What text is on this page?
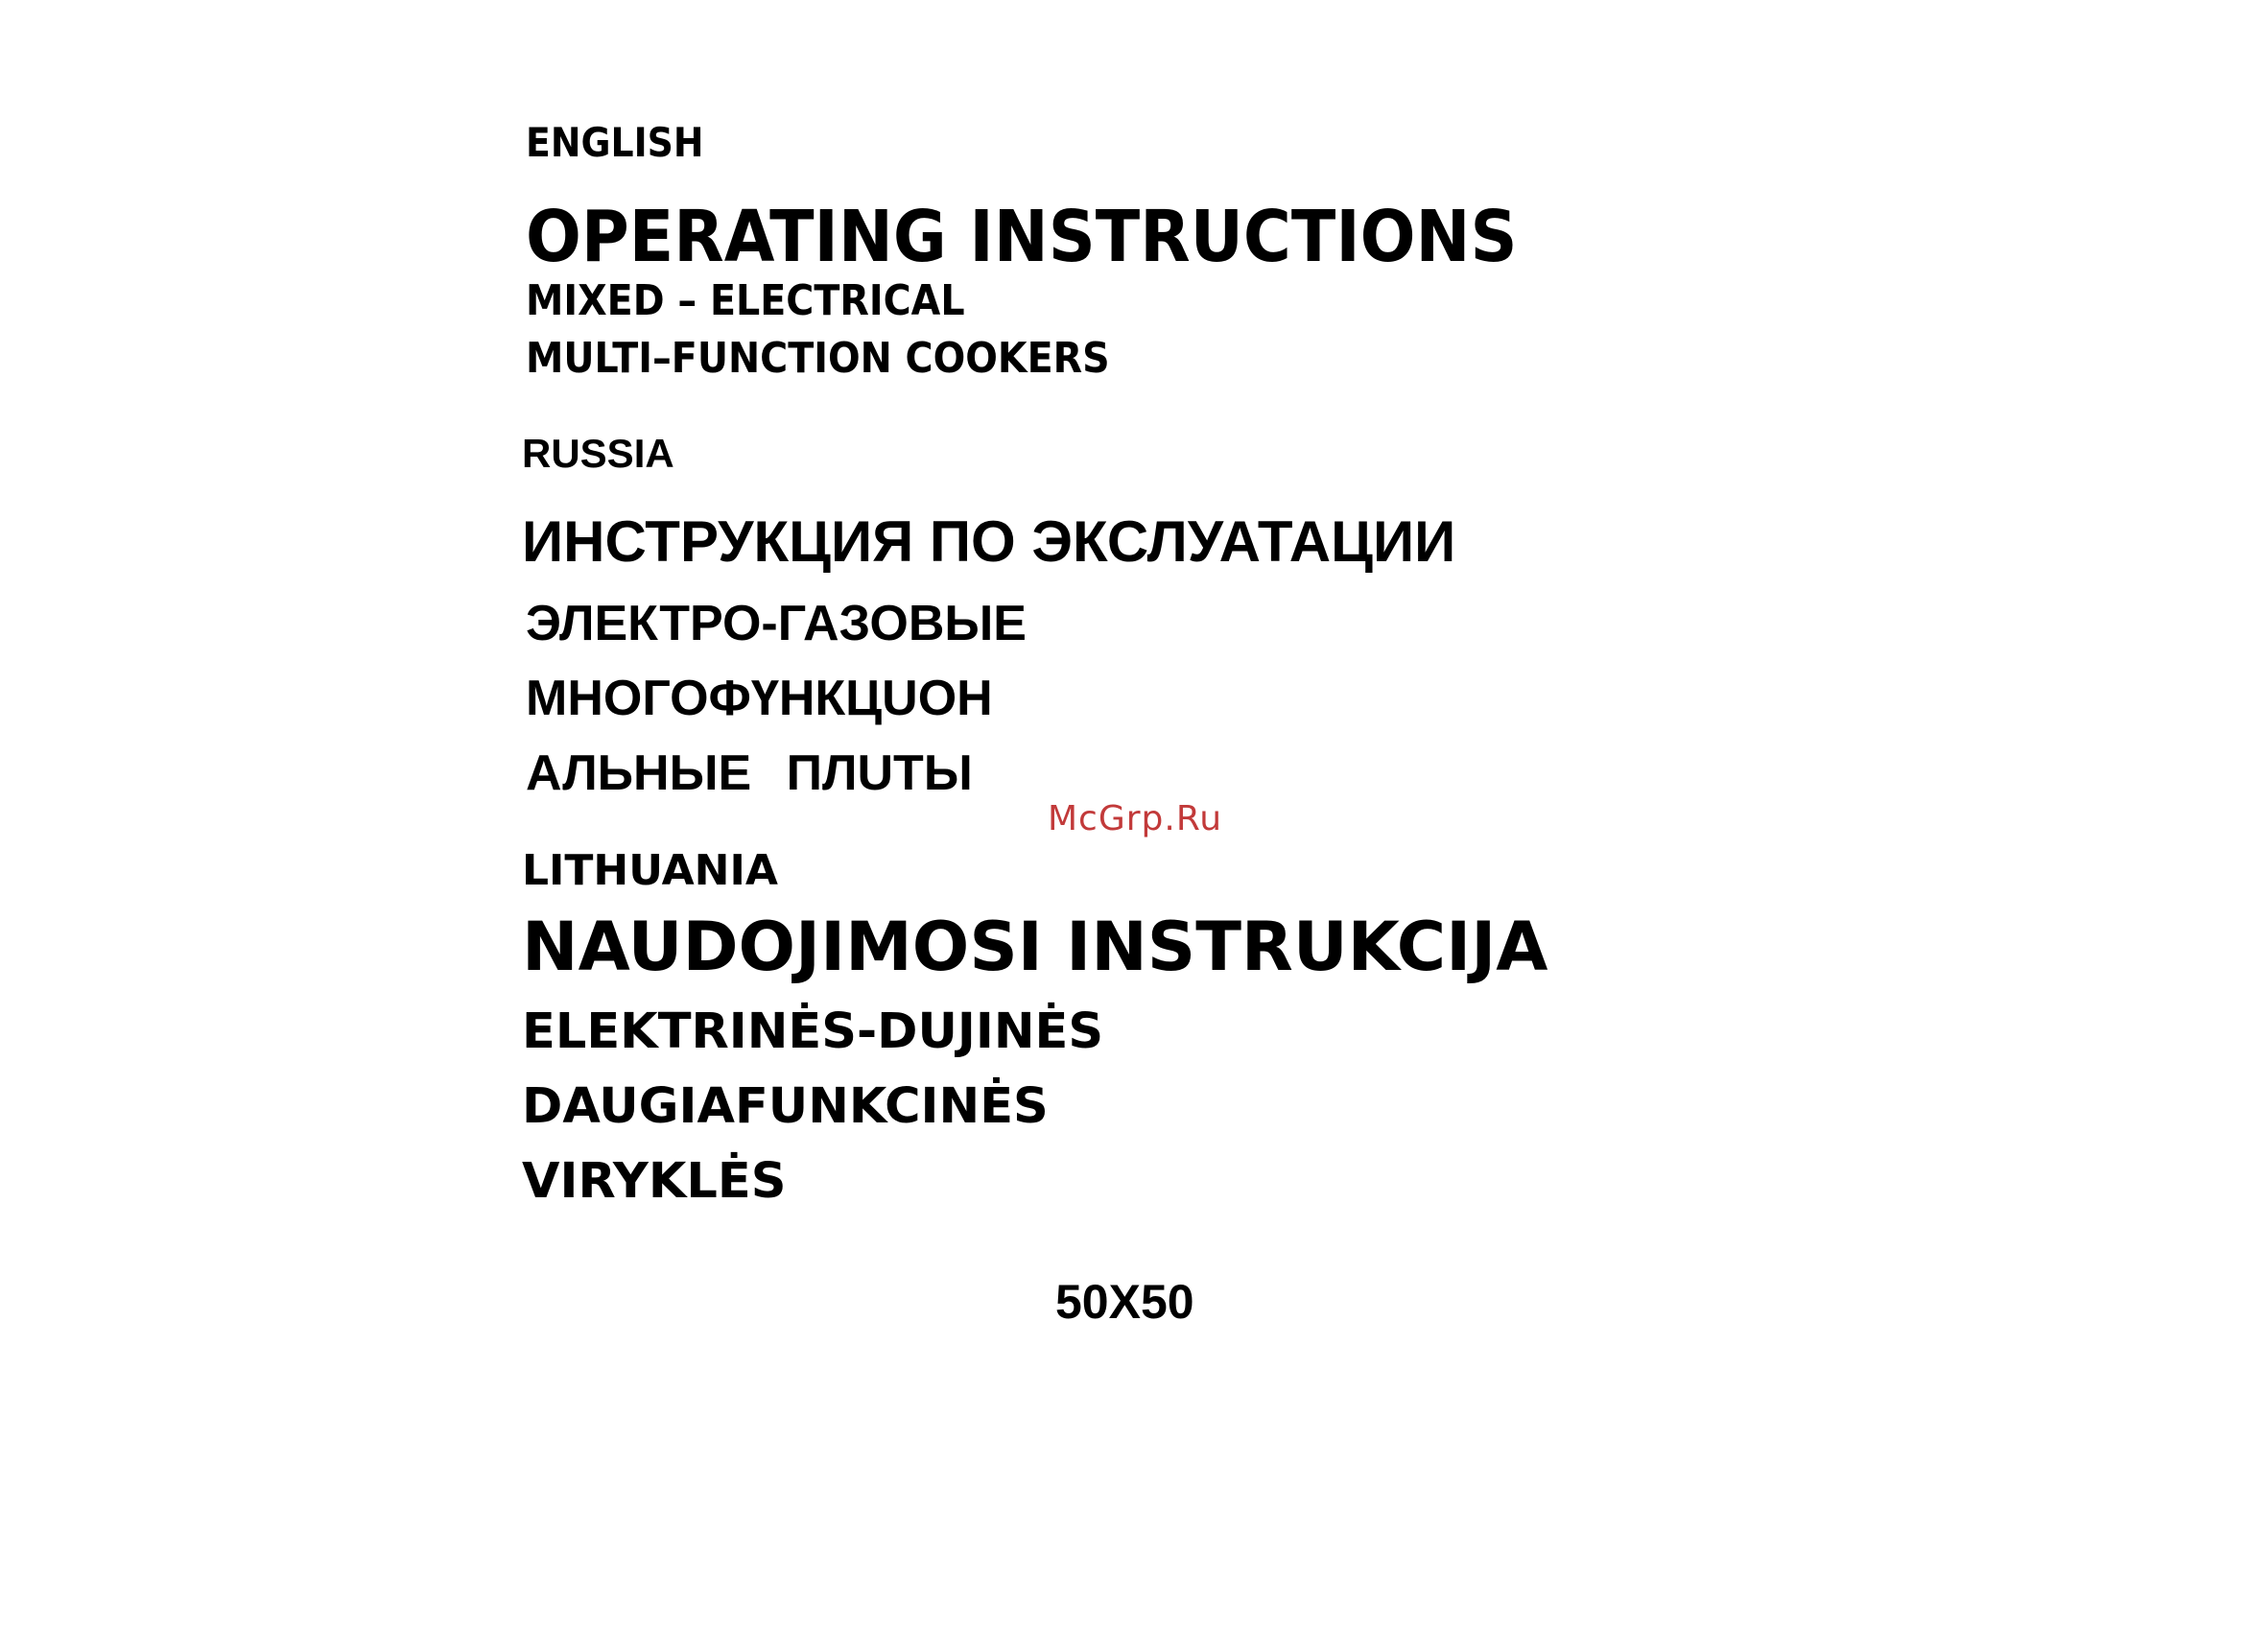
ENGLISH
OPERATING INSTRUCTIONS
MIXED – ELECTRICAL
MULTI–FUNCTION COOKERS
RUSSIA
ИНСТРУКЦИЯ ПО ЭКСЛУАТАЦИИ
ЭЛЕКТРО-ГАЗОВЫЕ
МНОГОФҮНКЦUОН
АЛЬНЫЕ ПЛUТЫ
McGrp.Ru
LITHUANIA
NAUDOJIMOSI INSTRUKCIJA
ELEKTRINĖS-DUJINĖS
DAUGIAFUNKCINĖS
VIRYKLĖS
50X50
